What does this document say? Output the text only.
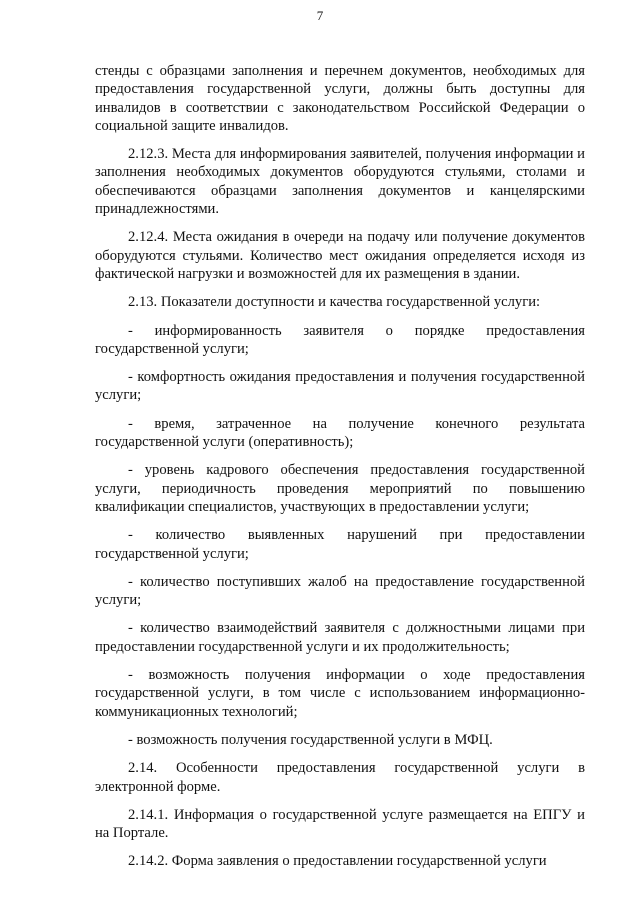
7

стенды с образцами заполнения и перечнем документов, необходимых для предоставления государственной услуги, должны быть доступны для инвалидов в соответствии с законодательством Российской Федерации о социальной защите инвалидов.

2.12.3. Места для информирования заявителей, получения информации и заполнения необходимых документов оборудуются стульями, столами и обеспечиваются образцами заполнения документов и канцелярскими принадлежностями.

2.12.4. Места ожидания в очереди на подачу или получение документов оборудуются стульями. Количество мест ожидания определяется исходя из фактической нагрузки и возможностей для их размещения в здании.

2.13. Показатели доступности и качества государственной услуги:

- информированность заявителя о порядке предоставления государственной услуги;

- комфортность ожидания предоставления и получения государственной услуги;

- время, затраченное на получение конечного результата государственной услуги (оперативность);

- уровень кадрового обеспечения предоставления государственной услуги, периодичность проведения мероприятий по повышению квалификации специалистов, участвующих в предоставлении услуги;

- количество выявленных нарушений при предоставлении государственной услуги;

- количество поступивших жалоб на предоставление государственной услуги;

- количество взаимодействий заявителя с должностными лицами при предоставлении государственной услуги и их продолжительность;

- возможность получения информации о ходе предоставления государственной услуги, в том числе с использованием информационно-коммуникационных технологий;

- возможность получения государственной услуги в МФЦ.

2.14. Особенности предоставления государственной услуги в электронной форме.

2.14.1. Информация о государственной услуге размещается на ЕПГУ и на Портале.

2.14.2. Форма заявления о предоставлении государственной услуги
